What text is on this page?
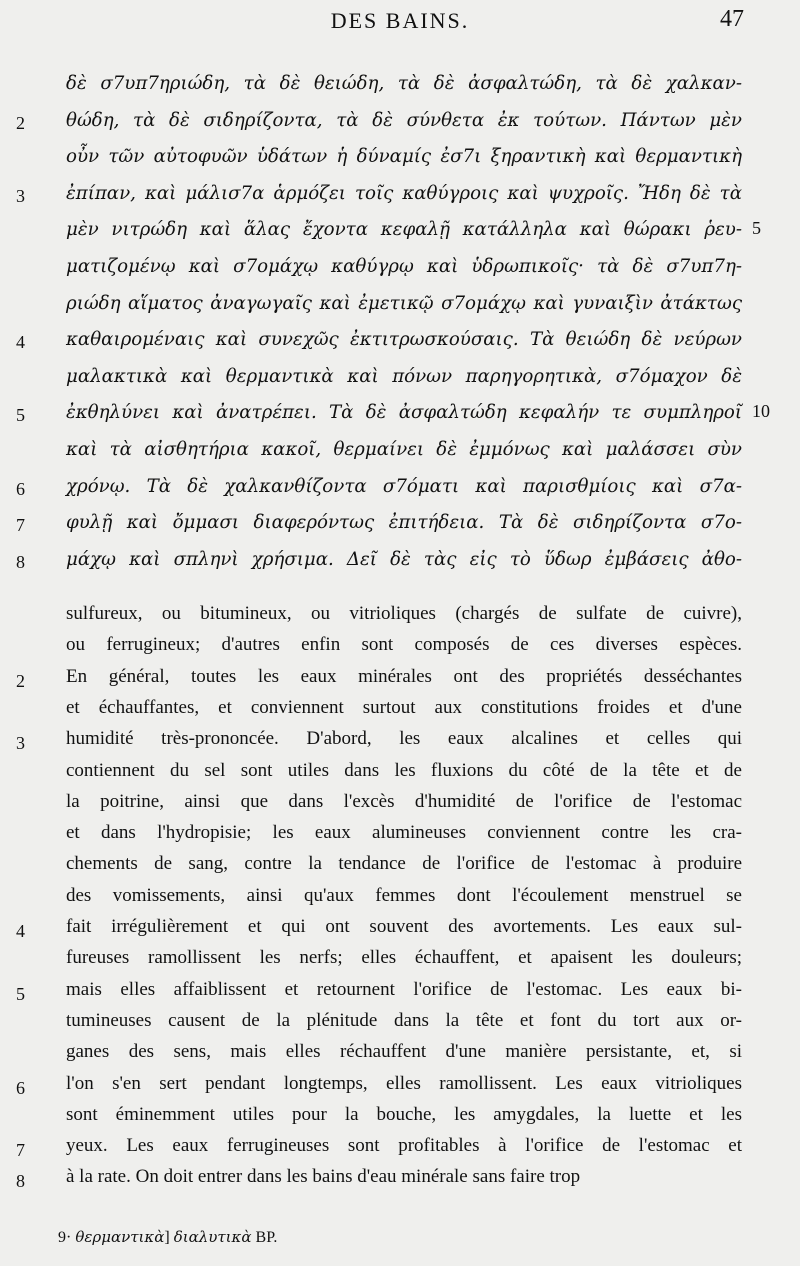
DES BAINS.	47
δὲ σ7υπ7ηριώδη, τὰ δὲ θειώδη, τὰ δὲ ἀσφαλτώδη, τὰ δὲ χαλκαν-
θώδη, τὰ δὲ σιδηρίζοντα, τὰ δὲ σύνθετα ἐκ τούτων. Πάντων μὲν
οὖν τῶν αὐτοφυῶν ὑδάτων ἡ δύναμίς ἐσ7ι ξηραντικὴ καὶ θερμαντικὴ
ἐπίπαν, καὶ μάλισ7α ἁρμόζει τοῖς καθύγροις καὶ ψυχροῖς. Ἤδη δὲ τὰ
μὲν νιτρώδη καὶ ἅλας ἔχοντα κεφαλῇ κατάλληλα καὶ θώρακι ῥευ-
ματιζομένῳ καὶ σ7ομάχῳ καθύγρῳ καὶ ὑδρωπικοῖς· τὰ δὲ σ7υπ7η-
ριώδη αἵματος ἀναγωγαῖς καὶ ἐμετικῷ σ7ομάχῳ καὶ γυναιξὶν ἀτάκτως
καθαιρομέναις καὶ συνεχῶς ἐκτιτρωσκούσαις. Τὰ θειώδη δὲ νεύρων
μαλακτικὰ καὶ θερμαντικὰ καὶ πόνων παρηγορητικὰ, σ7όμαχον δὲ
ἐκθηλύνει καὶ ἀνατρέπει. Τὰ δὲ ἀσφαλτώδη κεφαλήν τε συμπληροῖ
καὶ τὰ αἰσθητήρια κακοῖ, θερμαίνει δὲ ἐμμόνως καὶ μαλάσσει σὺν
χρόνῳ. Τὰ δὲ χαλκανθίζοντα σ7όματι καὶ παρισθμίοις καὶ σ7α-
φυλῇ καὶ ὄμμασι διαφερόντως ἐπιτήδεια. Τὰ δὲ σιδηρίζοντα σ7ο-
μάχῳ καὶ σπληνὶ χρήσιμα. Δεῖ δὲ τὰς εἰς τὸ ὕδωρ ἐμβάσεις ἀθο-
2
3
4
5
6
7
8
5
10
sulfureux, ou bitumineux, ou vitrioliques (chargés de sulfate de cuivre),
ou ferrugineux; d'autres enfin sont composés de ces diverses espèces.
En général, toutes les eaux minérales ont des propriétés desséchantes
et échauffantes, et conviennent surtout aux constitutions froides et d'une
humidité très-prononcée. D'abord, les eaux alcalines et celles qui
contiennent du sel sont utiles dans les fluxions du côté de la tête et de
la poitrine, ainsi que dans l'excès d'humidité de l'orifice de l'estomac
et dans l'hydropisie; les eaux alumineuses conviennent contre les cra-
chements de sang, contre la tendance de l'orifice de l'estomac à produire
des vomissements, ainsi qu'aux femmes dont l'écoulement menstruel se
fait irrégulièrement et qui ont souvent des avortements. Les eaux sul-
fureuses ramollissent les nerfs; elles échauffent, et apaisent les douleurs;
mais elles affaiblissent et retournent l'orifice de l'estomac. Les eaux bi-
tumineuses causent de la plénitude dans la tête et font du tort aux or-
ganes des sens, mais elles réchauffent d'une manière persistante, et, si
l'on s'en sert pendant longtemps, elles ramollissent. Les eaux vitrioliques
sont éminemment utiles pour la bouche, les amygdales, la luette et les
yeux. Les eaux ferrugineuses sont profitables à l'orifice de l'estomac et
à la rate. On doit entrer dans les bains d'eau minérale sans faire trop
2
3
4
5
6
7
8
9· θερμαντικὰ] διαλυτικὰ BP.
